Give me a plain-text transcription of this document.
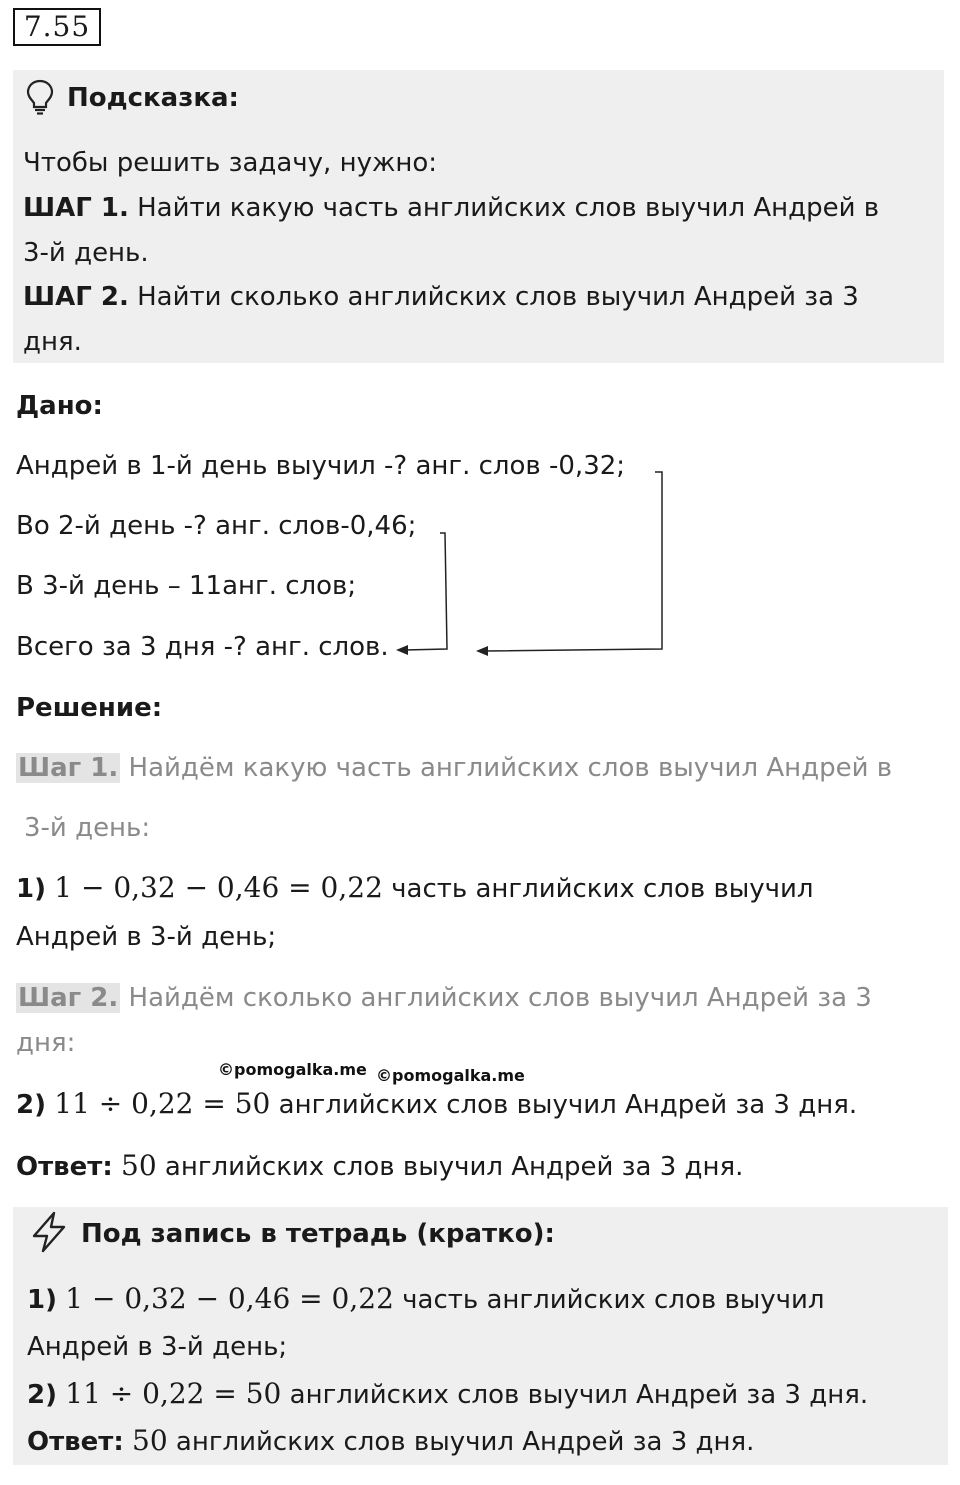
7.55
Подсказка:
Чтобы решить задачу, нужно:
ШАГ 1. Найти какую часть английских слов выучил Андрей в
3-й день.
ШАГ 2. Найти сколько английских слов выучил Андрей за 3
дня.
Дано:
Андрей в 1-й день выучил -? анг. слов -0,32;
Во 2-й день -? анг. слов-0,46;
В 3-й день – 11анг. слов;
Всего за 3 дня -? анг. слов.
Решение:
Шаг 1. Найдём какую часть английских слов выучил Андрей в
3-й день:
1) 1 − 0,32 − 0,46 = 0,22 часть английских слов выучил
Андрей в 3-й день;
Шаг 2. Найдём сколько английских слов выучил Андрей за 3
дня:
©pomogalka.me ©pomogalka.me
2) 11 ÷ 0,22 = 50 английских слов выучил Андрей за 3 дня.
Ответ: 50 английских слов выучил Андрей за 3 дня.
Под запись в тетрадь (кратко):
1) 1 − 0,32 − 0,46 = 0,22 часть английских слов выучил
Андрей в 3-й день;
2) 11 ÷ 0,22 = 50 английских слов выучил Андрей за 3 дня.
Ответ: 50 английских слов выучил Андрей за 3 дня.
